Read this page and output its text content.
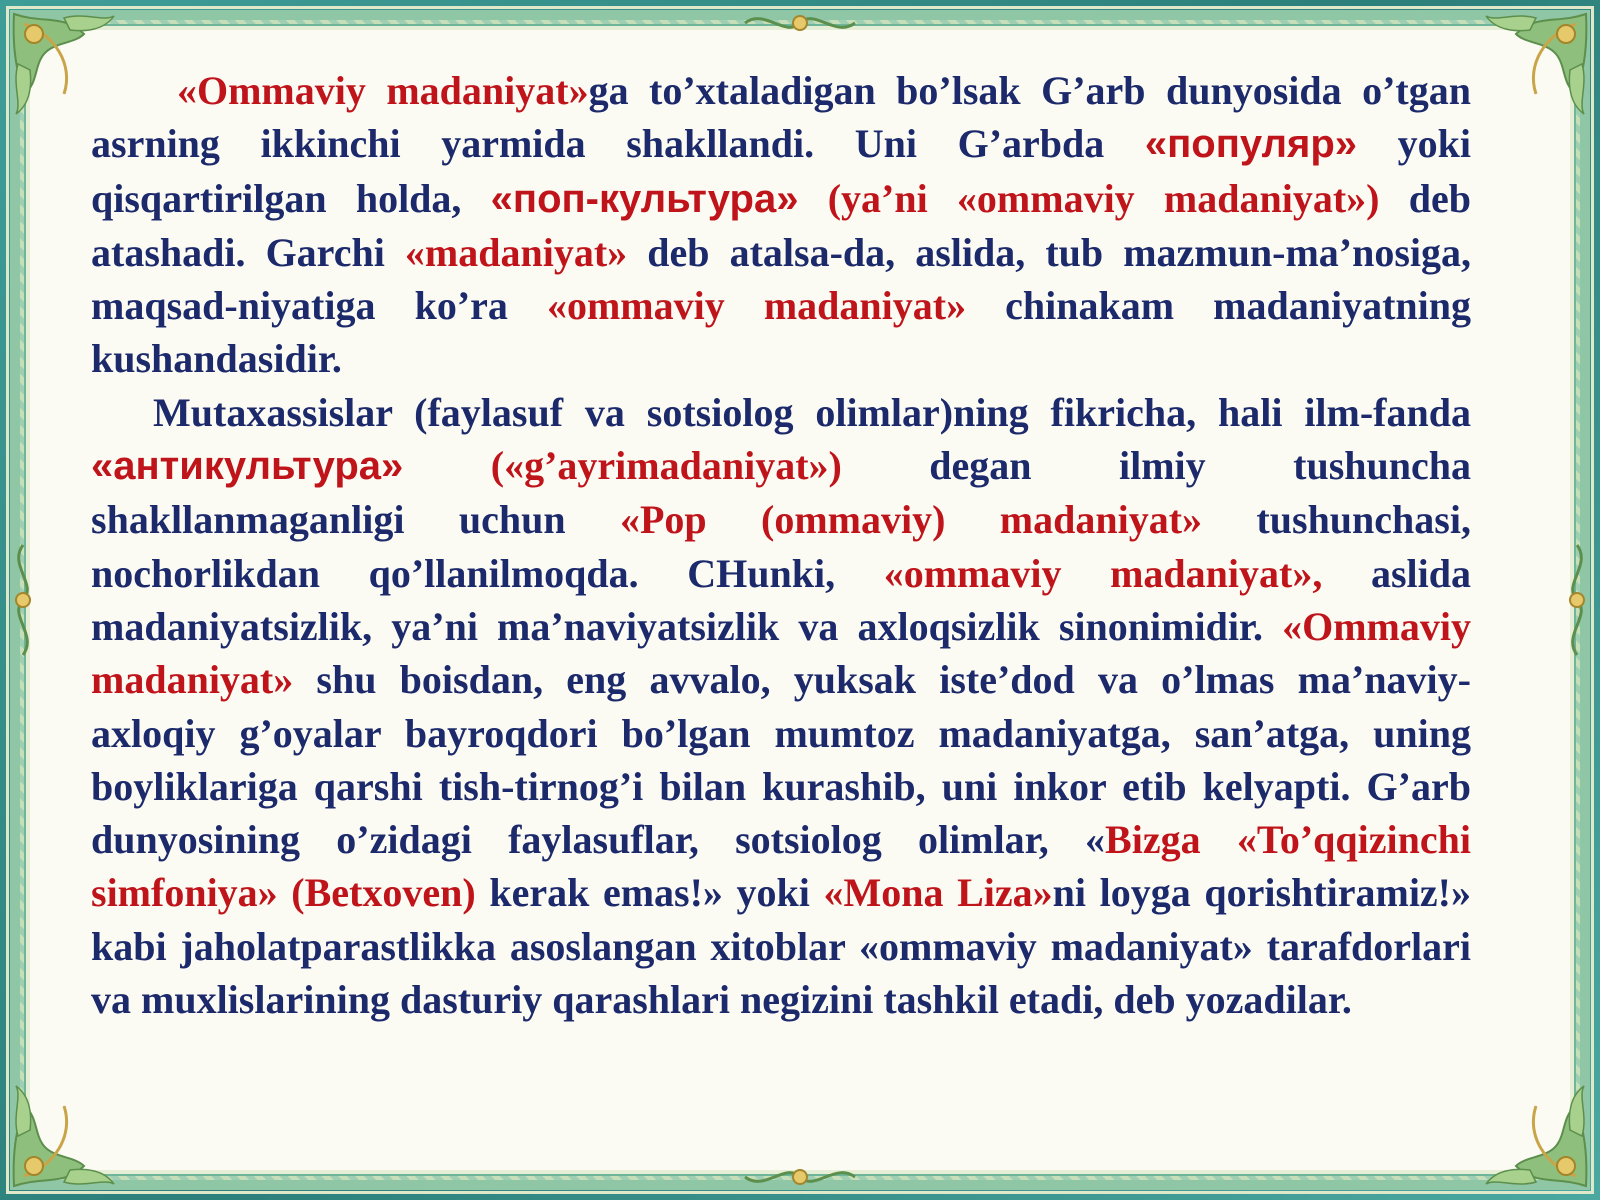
«Ommaviy madaniyat»ga to’xtaladigan bo’lsak G’arb dunyosida o’tgan asrning ikkinchi yarmida shakllandi. Uni G’arbda «популяр» yoki qisqartirilgan holda, «поп-культура» (ya’ni «ommaviy madaniyat») deb atashadi. Garchi «madaniyat» deb atalsa-da, aslida, tub mazmun-ma’nosiga, maqsad-niyatiga ko’ra «ommaviy madaniyat» chinakam madaniyatning kushandasidir.

Mutaxassislar (faylasuf va sotsiolog olimlar)ning fikricha, hali ilm-fanda «антикультура» («g’ayrimadaniyat») degan ilmiy tushuncha shakllanmaganligi uchun «Pop (ommaviy) madaniyat» tushunchasi, nochorlikdan qo’llanilmoqda. CHunki, «ommaviy madaniyat», aslida madaniyatsizlik, ya’ni ma’naviyatsizlik va axloqsizlik sinonimidir. «Ommaviy madaniyat» shu boisdan, eng avvalo, yuksak iste’dod va o’lmas ma’naviy-axloqiy g’oyalar bayroqdori bo’lgan mumtoz madaniyatga, san’atga, uning boyliklariga qarshi tish-tirnog’i bilan kurashib, uni inkor etib kelyapti. G’arb dunyosining o’zidagi faylasuflar, sotsiolog olimlar, «Bizga «To’qqizinchi simfoniya» (Betxoven) kerak emas!» yoki «Mona Liza»ni loyga qorishtiramiz!» kabi jaholatparastlikka asoslangan xitoblar «ommaviy madaniyat» tarafdorlari va muxlislarining dasturiy qarashlari negizini tashkil etadi, deb yozadilar.
